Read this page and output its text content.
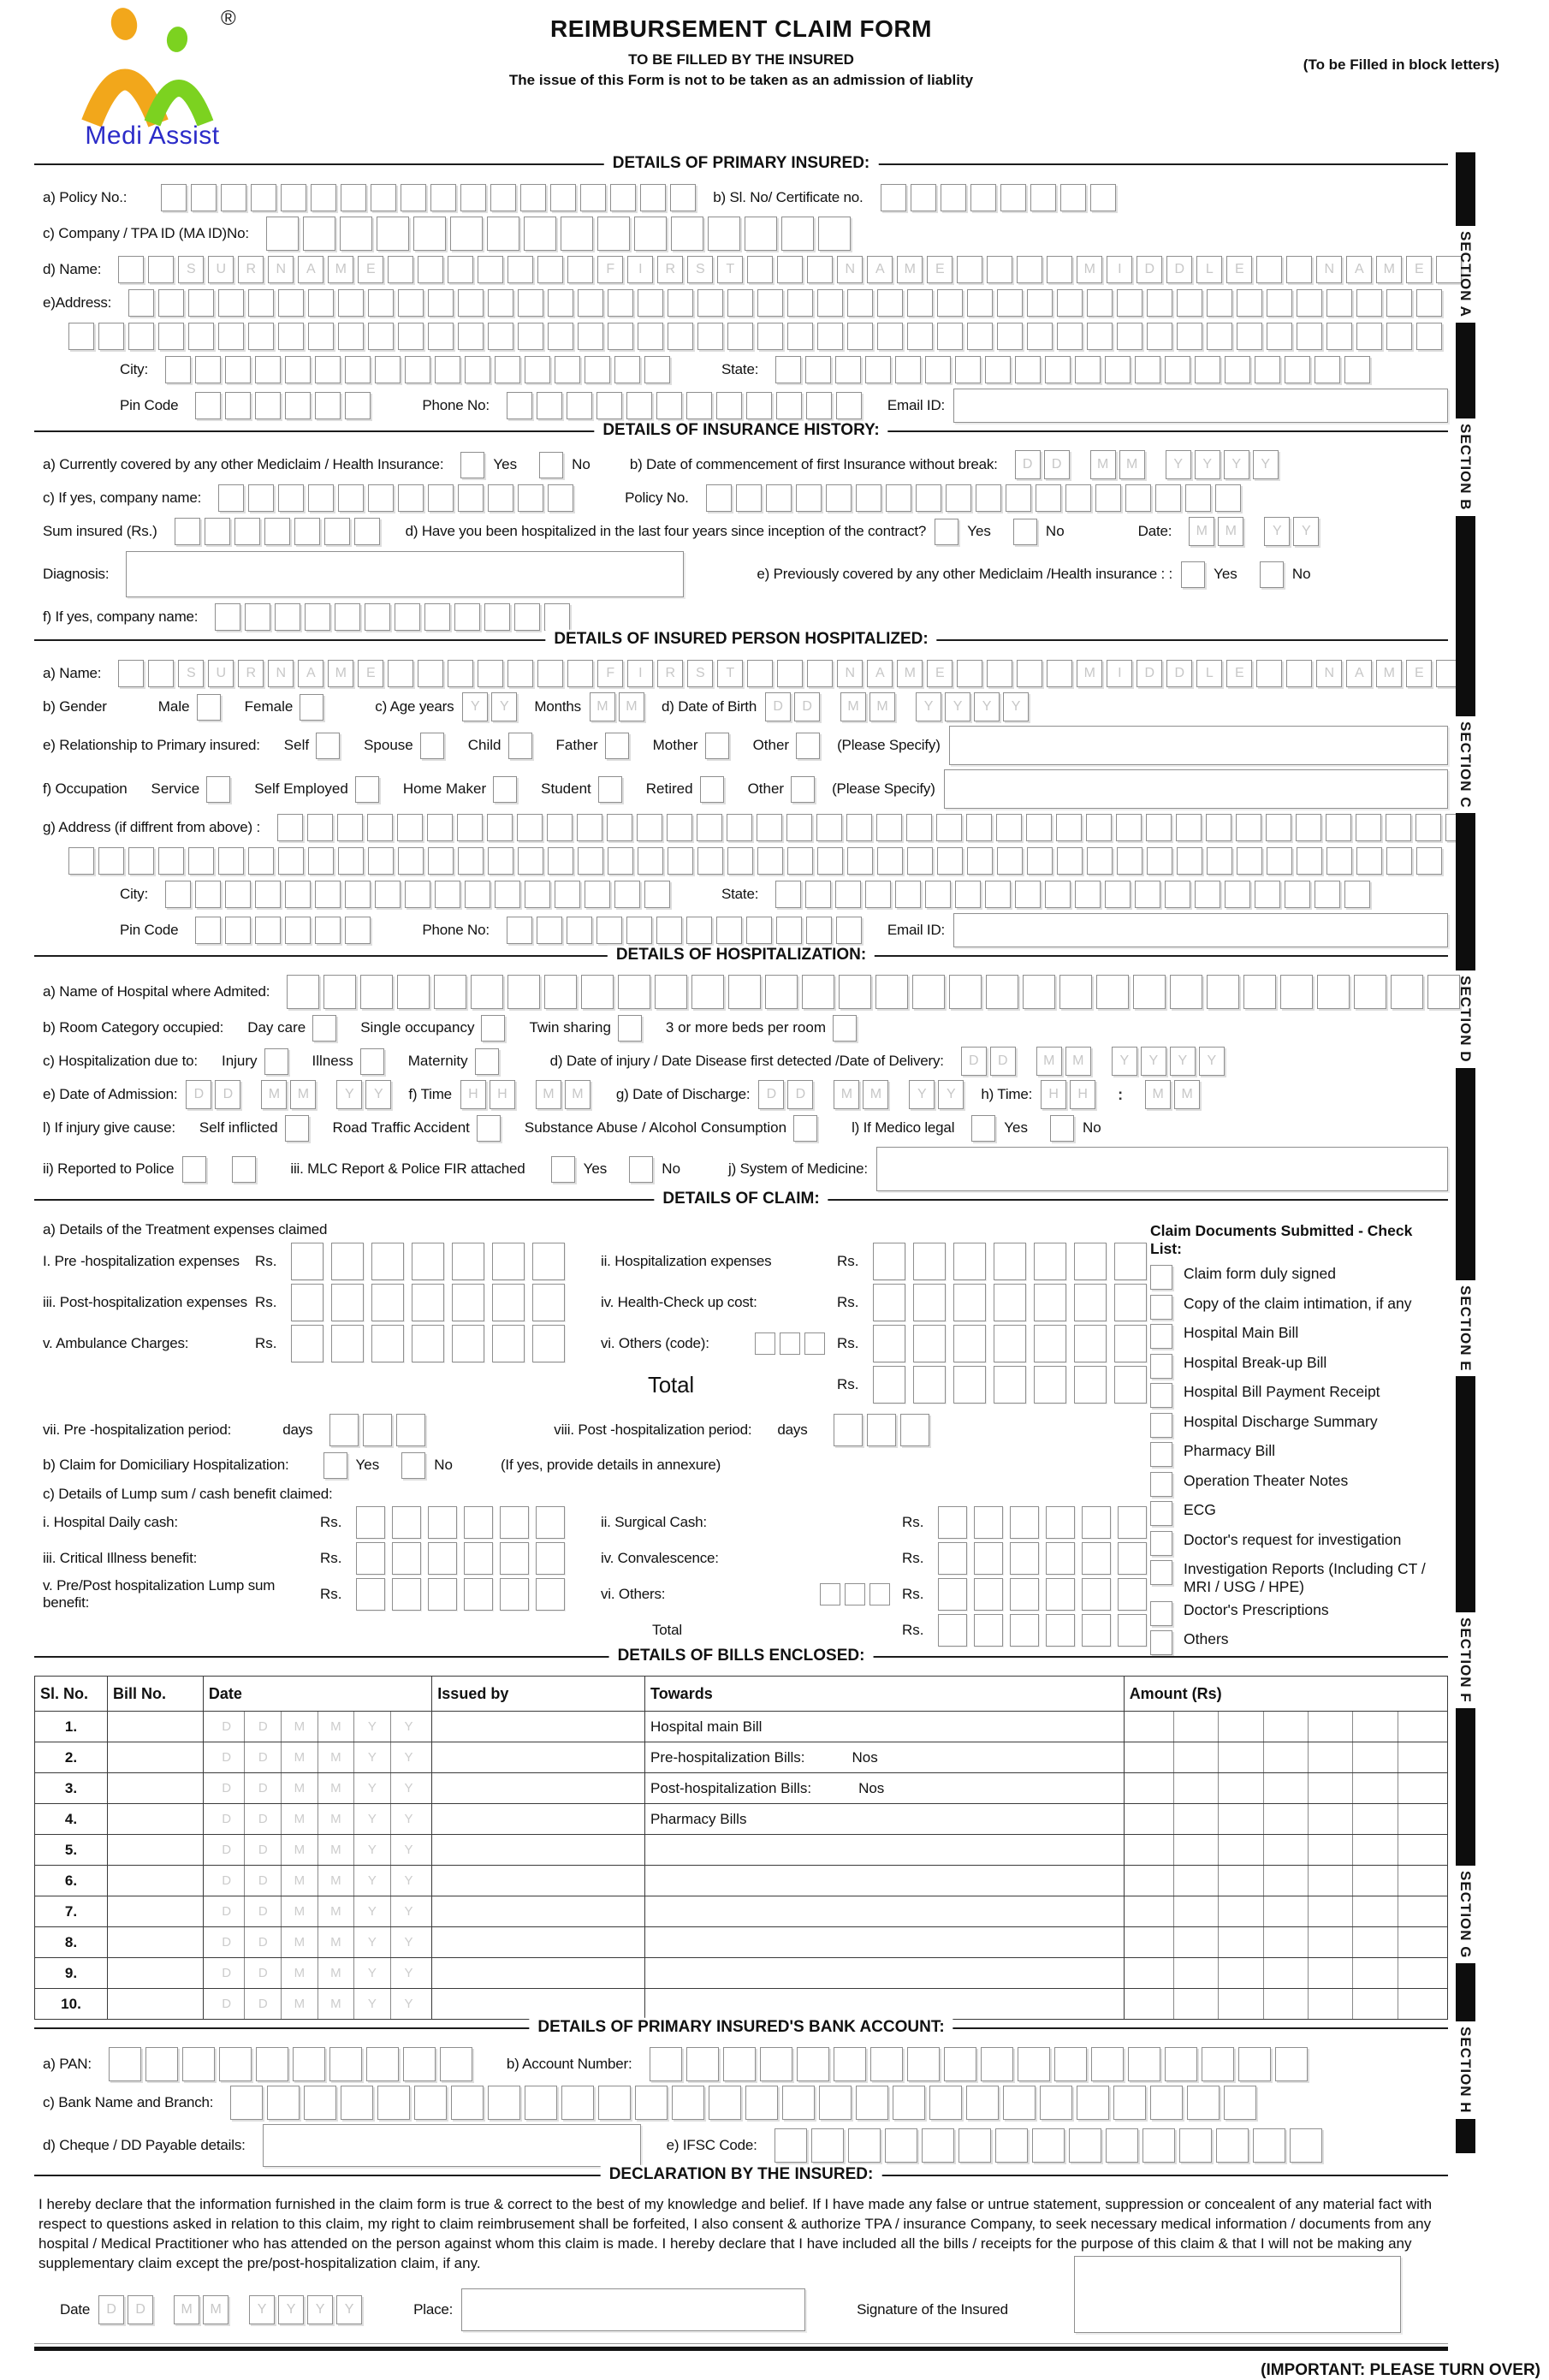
®
Medi Assist
REIMBURSEMENT CLAIM FORM
TO BE FILLED BY THE INSURED
The issue of this Form is not to be taken as an admission of liablity
(To be Filled in block letters)
DETAILS OF PRIMARY INSURED:
a) Policy No.:	b) Sl. No/ Certificate no.
c) Company / TPA ID (MA ID)No:
d) Name:	S	U	R	N	A	M	E	F	I	R	S	T	N	A	M	E	M	I	D	D	L	E	N	A	M	E
e)Address:
City:	State:
Pin Code	Phone No:	Email ID:
DETAILS OF INSURANCE HISTORY:
a) Currently covered by any other Mediclaim / Health Insurance:	Yes	No	b) Date of commencement of first Insurance without break:	D	D	M	M	Y	Y	Y	Y
c) If yes, company name:	Policy No.
Sum insured (Rs.)	d) Have you been hospitalized in the last four years since inception of the contract?	Yes	No	Date:	M	M	Y	Y
Diagnosis:	e) Previously covered by any other Mediclaim /Health insurance : :	Yes	No
f) If yes, company name:
DETAILS OF INSURED PERSON HOSPITALIZED:
a) Name:	S	U	R	N	A	M	E	F	I	R	S	T	N	A	M	E	M	I	D	D	L	E	N	A	M	E
b) Gender	Male	Female	c) Age years	Y	Y	Months	M	M	d) Date of Birth	D	D	M	M	Y	Y	Y	Y
e) Relationship to Primary insured: Self	Spouse	Child	Father	Mother	Other	(Please Specify)
f) Occupation Service	Self Employed	Home Maker	Student	Retired	Other	(Please Specify)
g) Address (if diffrent from above) :
City:	State:
Pin Code	Phone No:	Email ID:
DETAILS OF HOSPITALIZATION:
a) Name of Hospital where Admited:
b) Room Category occupied: Day care	Single occupancy	Twin sharing	3 or more beds per room
c) Hospitalization due to: Injury	Illness	Maternity	d) Date of injury / Date Disease first detected /Date of Delivery:	D	D	M	M	Y	Y	Y	Y
e) Date of Admission:	D	D	M	M	Y	Y	f) Time	H	H	M	M	g) Date of Discharge:	D	D	M	M	Y	Y	h) Time:	H	H	:	M	M
l) If injury give cause: Self inflicted	Road Traffic Accident	Substance Abuse / Alcohol Consumption	l) If Medico legal	Yes	No
ii) Reported to Police	iii. MLC Report & Police FIR attached	Yes	No	j) System of Medicine:
DETAILS OF CLAIM:
a) Details of the Treatment expenses claimed
I. Pre -hospitalization expenses	Rs.
iii. Post-hospitalization expenses Rs.
v. Ambulance Charges:	Rs.
ii. Hospitalization expenses	Rs.
iv. Health-Check up cost:	Rs.
vi. Others (code):	Rs.
Total	Rs.
vii. Pre -hospitalization period:	days	viii. Post -hospitalization period: days
b) Claim for Domiciliary Hospitalization:	Yes	No	(If yes, provide details in annexure)
c) Details of Lump sum / cash benefit claimed:
i. Hospital Daily cash:	Rs.
iii. Critical Illness benefit:	Rs.
v. Pre/Post hospitalization Lump sum benefit:
Rs.
ii. Surgical Cash:	Rs.
iv. Convalescence:	Rs.
vi. Others:	Rs.
Total	Rs.
Claim Documents Submitted - Check List:
Claim form duly signed
Copy of the claim intimation, if any
Hospital Main Bill
Hospital Break-up Bill
Hospital Bill Payment Receipt
Hospital Discharge Summary
Pharmacy Bill
Operation Theater Notes
ECG
Doctor's request for investigation
Investigation Reports (Including CT / MRI / USG / HPE)
Doctor's Prescriptions
Others
DETAILS OF BILLS ENCLOSED:
Sl. No.	Bill No.	Date	Issued by	Towards	Amount (Rs)
1.		D	D	M	M	Y	Y		Hospital main Bill	

2.		D	D	M	M	Y	Y		Pre-hospitalization Bills:	Nos	

3.		D	D	M	M	Y	Y		Post-hospitalization Bills:	Nos	

4.		D	D	M	M	Y	Y		Pharmacy Bills	

5.		D	D	M	M	Y	Y

6.		D	D	M	M	Y	Y

7.		D	D	M	M	Y	Y

8.		D	D	M	M	Y	Y

9.		D	D	M	M	Y	Y

10.		D	D	M	M	Y	Y

DETAILS OF PRIMARY INSURED'S BANK ACCOUNT:
a) PAN:	b) Account Number:
c) Bank Name and Branch:
d) Cheque / DD Payable details:	e) IFSC Code:
DECLARATION BY THE INSURED:

I hereby declare that the information furnished in the claim form is true & correct to the best of my knowledge and belief. If I have made any false or untrue statement, suppression or concealent of any material fact with respect to questions asked in relation to this claim, my right to claim reimbrusement shall be forfeited, I also consent & authorize TPA / insurance Company, to seek necessary medical information / documents from any hospital / Medical Practitioner who has attended on the person against whom this claim is made. I hereby declare that I have included all the bills / receipts for the purpose of this claim & that I will not be making any supplementary claim except the pre/post-hospitalization claim, if any.

Date	D	D	M	M	Y	Y	Y	Y	Place:	Signature of the Insured
(IMPORTANT: PLEASE TURN OVER)
SECTION A
SECTION B
SECTION C
SECTION D
SECTION E
SECTION F
SECTION G
SECTION H
